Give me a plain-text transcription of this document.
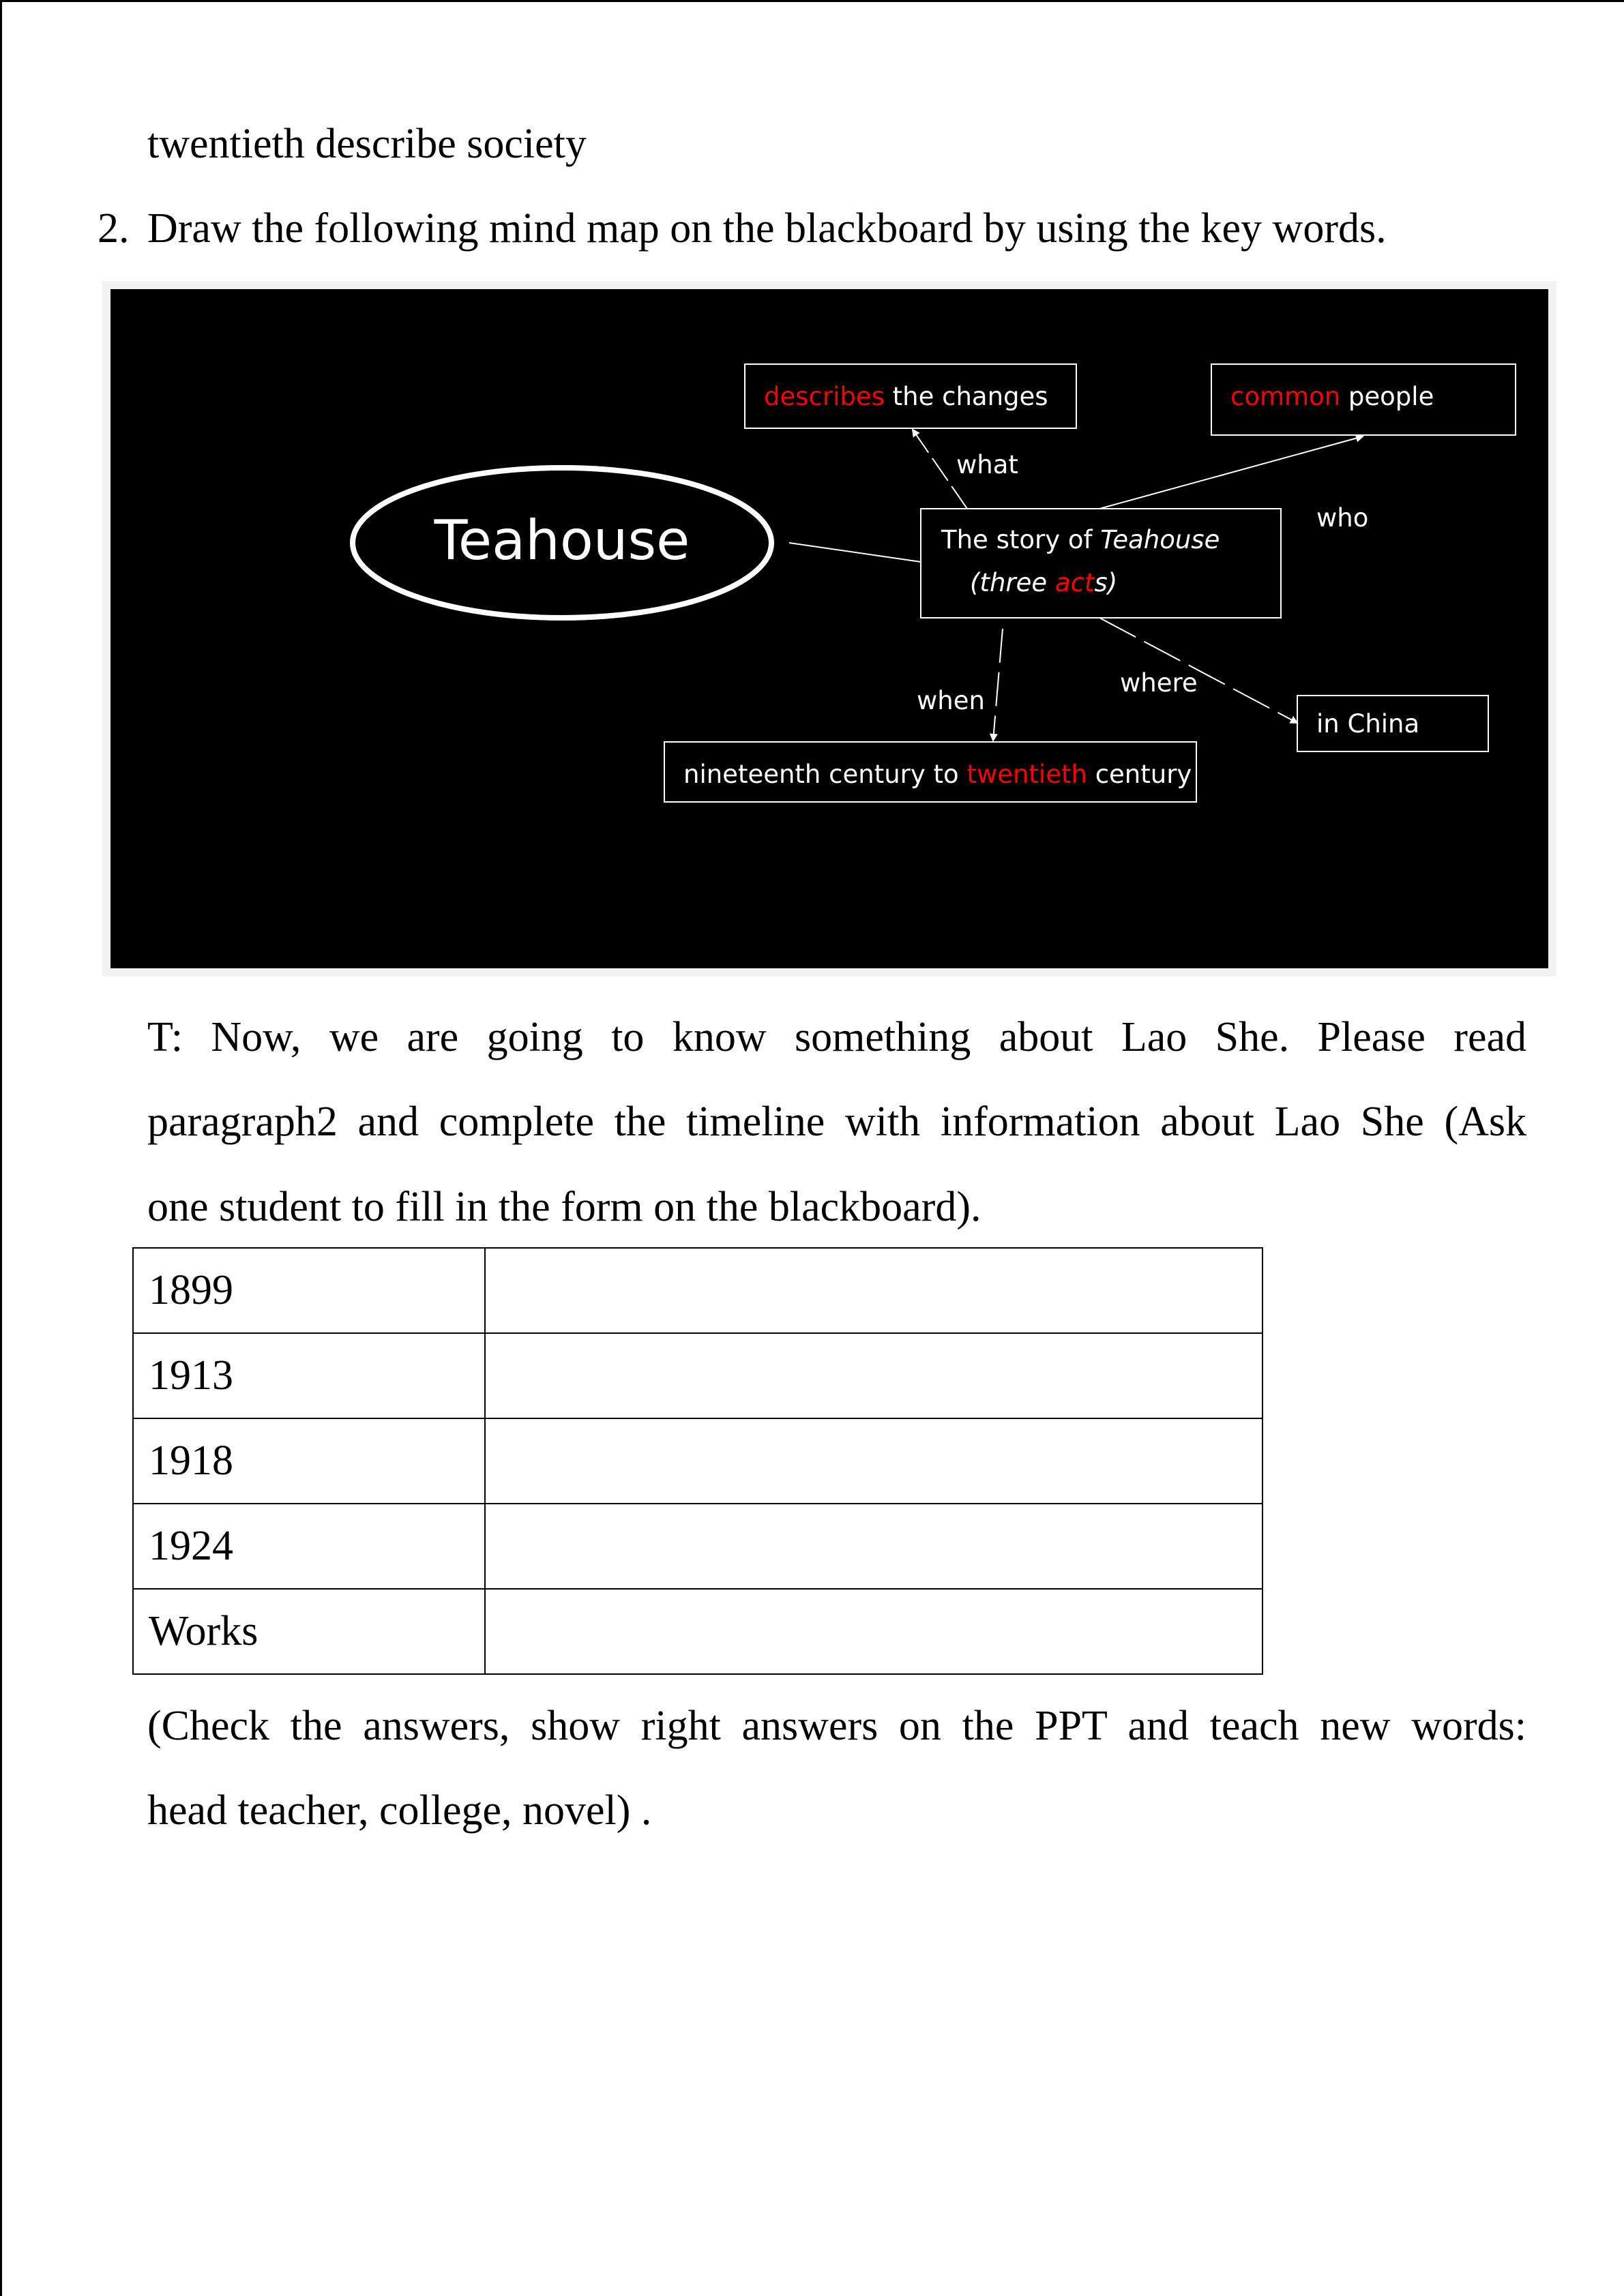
twentieth describe society
2. Draw the following mind map on the blackboard by using the key words.
Teahouse	The story of Teahouse
(three acts)
describes the changes
what
common people
who
in China
where
nineteenth century to twentieth century
when
T: Now, we are going to know something about Lao She. Please read
paragraph2 and complete the timeline with information about Lao She (Ask
one student to fill in the form on the blackboard).
1899	
1913	
1918	
1924	
Works	
(Check the answers, show right answers on the PPT and teach new words:
head teacher, college, novel) .
